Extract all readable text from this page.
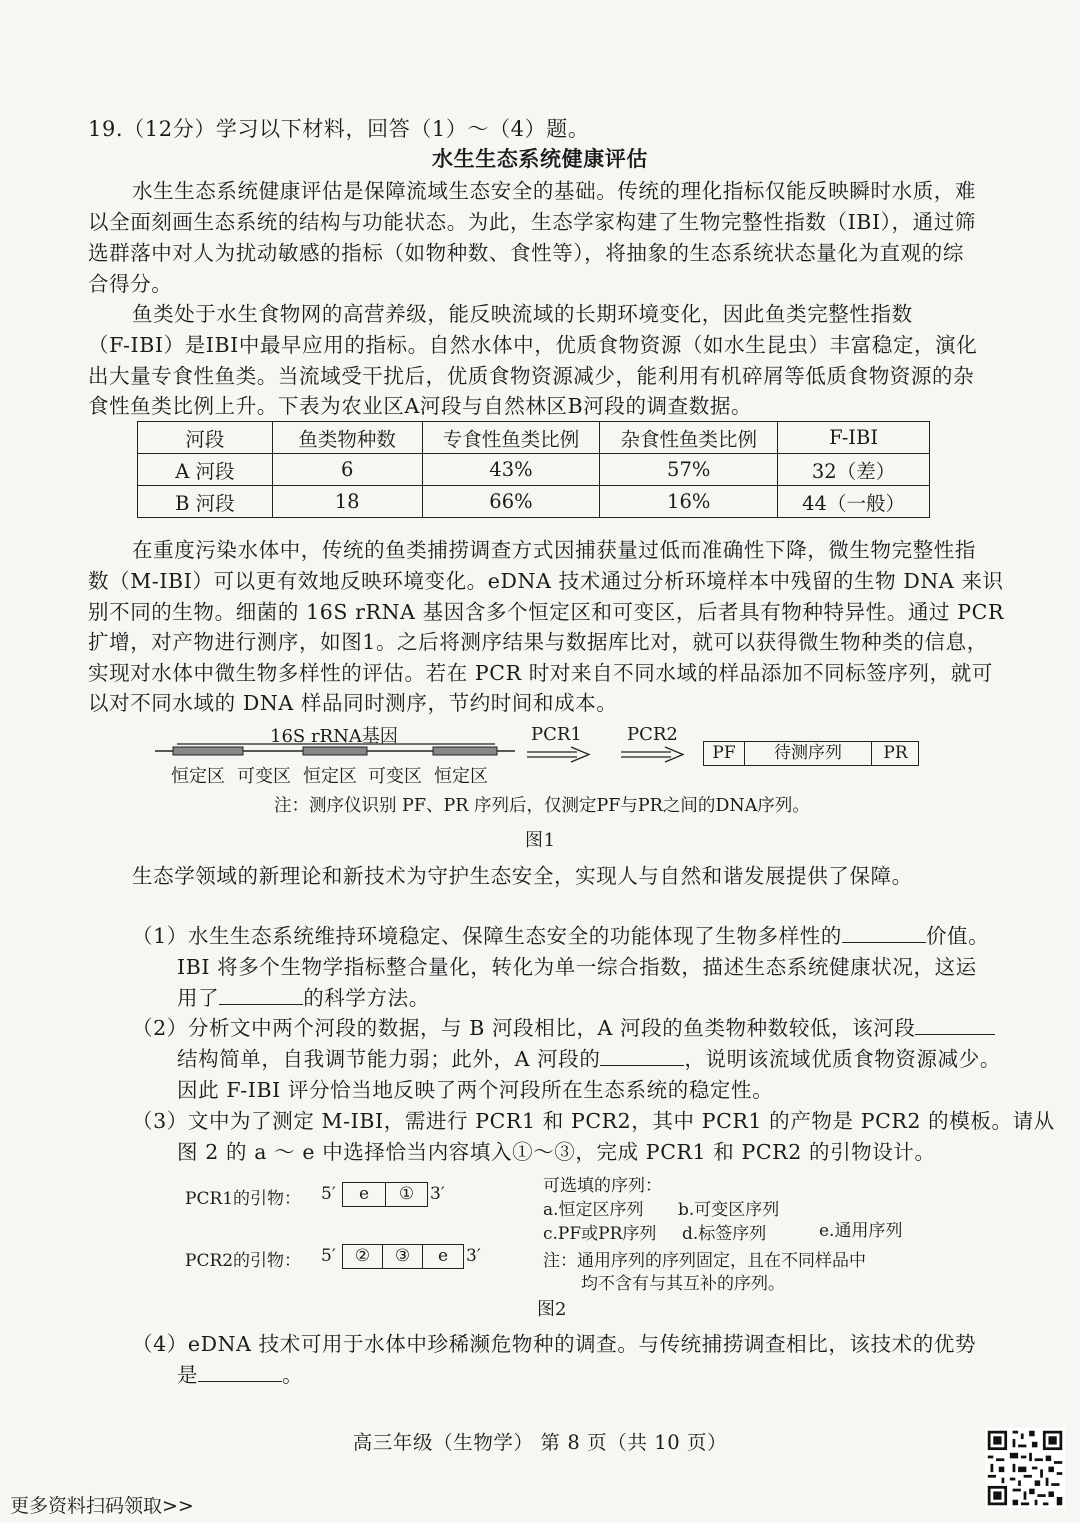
19.（12分）学习以下材料，回答（1）～（4）题。
水生生态系统健康评估
水生生态系统健康评估是保障流域生态安全的基础。传统的理化指标仅能反映瞬时水质，难
以全面刻画生态系统的结构与功能状态。为此，生态学家构建了生物完整性指数（IBI），通过筛
选群落中对人为扰动敏感的指标（如物种数、食性等），将抽象的生态系统状态量化为直观的综
合得分。
鱼类处于水生食物网的高营养级，能反映流域的长期环境变化，因此鱼类完整性指数
（F-IBI）是IBI中最早应用的指标。自然水体中，优质食物资源（如水生昆虫）丰富稳定，演化
出大量专食性鱼类。当流域受干扰后，优质食物资源减少，能利用有机碎屑等低质食物资源的杂
食性鱼类比例上升。下表为农业区A河段与自然林区B河段的调查数据。
河段	鱼类物种数	专食性鱼类比例	杂食性鱼类比例	F-IBI
A 河段	6	43%	57%	32（差）
B 河段	18	66%	16%	44（一般）
在重度污染水体中，传统的鱼类捕捞调查方式因捕获量过低而准确性下降，微生物完整性指
数（M-IBI）可以更有效地反映环境变化。eDNA 技术通过分析环境样本中残留的生物 DNA 来识
别不同的生物。细菌的 16S rRNA 基因含多个恒定区和可变区，后者具有物种特异性。通过 PCR
扩增，对产物进行测序，如图1。之后将测序结果与数据库比对，就可以获得微生物种类的信息，
实现对水体中微生物多样性的评估。若在 PCR 时对来自不同水域的样品添加不同标签序列，就可
以对不同水域的 DNA 样品同时测序，节约时间和成本。
16S rRNA基因
恒定区 可变区 恒定区 可变区 恒定区
PCR1	PCR2
PF	待测序列	PR
注：测序仪识别 PF、PR 序列后，仅测定PF与PR之间的DNA序列。
图1
生态学领域的新理论和新技术为守护生态安全，实现人与自然和谐发展提供了保障。
（1）水生生态系统维持环境稳定、保障生态安全的功能体现了生物多样性的	价值。
IBI 将多个生物学指标整合量化，转化为单一综合指数，描述生态系统健康状况，这运
用了	的科学方法。
（2）分析文中两个河段的数据，与 B 河段相比，A 河段的鱼类物种数较低，该河段
结构简单，自我调节能力弱；此外，A 河段的	，说明该流域优质食物资源减少。
因此 F-IBI 评分恰当地反映了两个河段所在生态系统的稳定性。
（3）文中为了测定 M-IBI，需进行 PCR1 和 PCR2，其中 PCR1 的产物是 PCR2 的模板。请从
图 2 的 a ～ e 中选择恰当内容填入①～③，完成 PCR1 和 PCR2 的引物设计。
PCR1的引物： 5′	e	① 3′
PCR2的引物： 5′	②	③	e	3′
可选填的序列：
a.恒定区序列 b.可变区序列
c.PF或PR序列 d.标签序列	e.通用序列
注：通用序列的序列固定，且在不同样品中
均不含有与其互补的序列。
图2
（4）eDNA 技术可用于水体中珍稀濒危物种的调查。与传统捕捞调查相比，该技术的优势
是	。
高三年级（生物学） 第 8 页（共 10 页）
更多资料扫码领取>>
